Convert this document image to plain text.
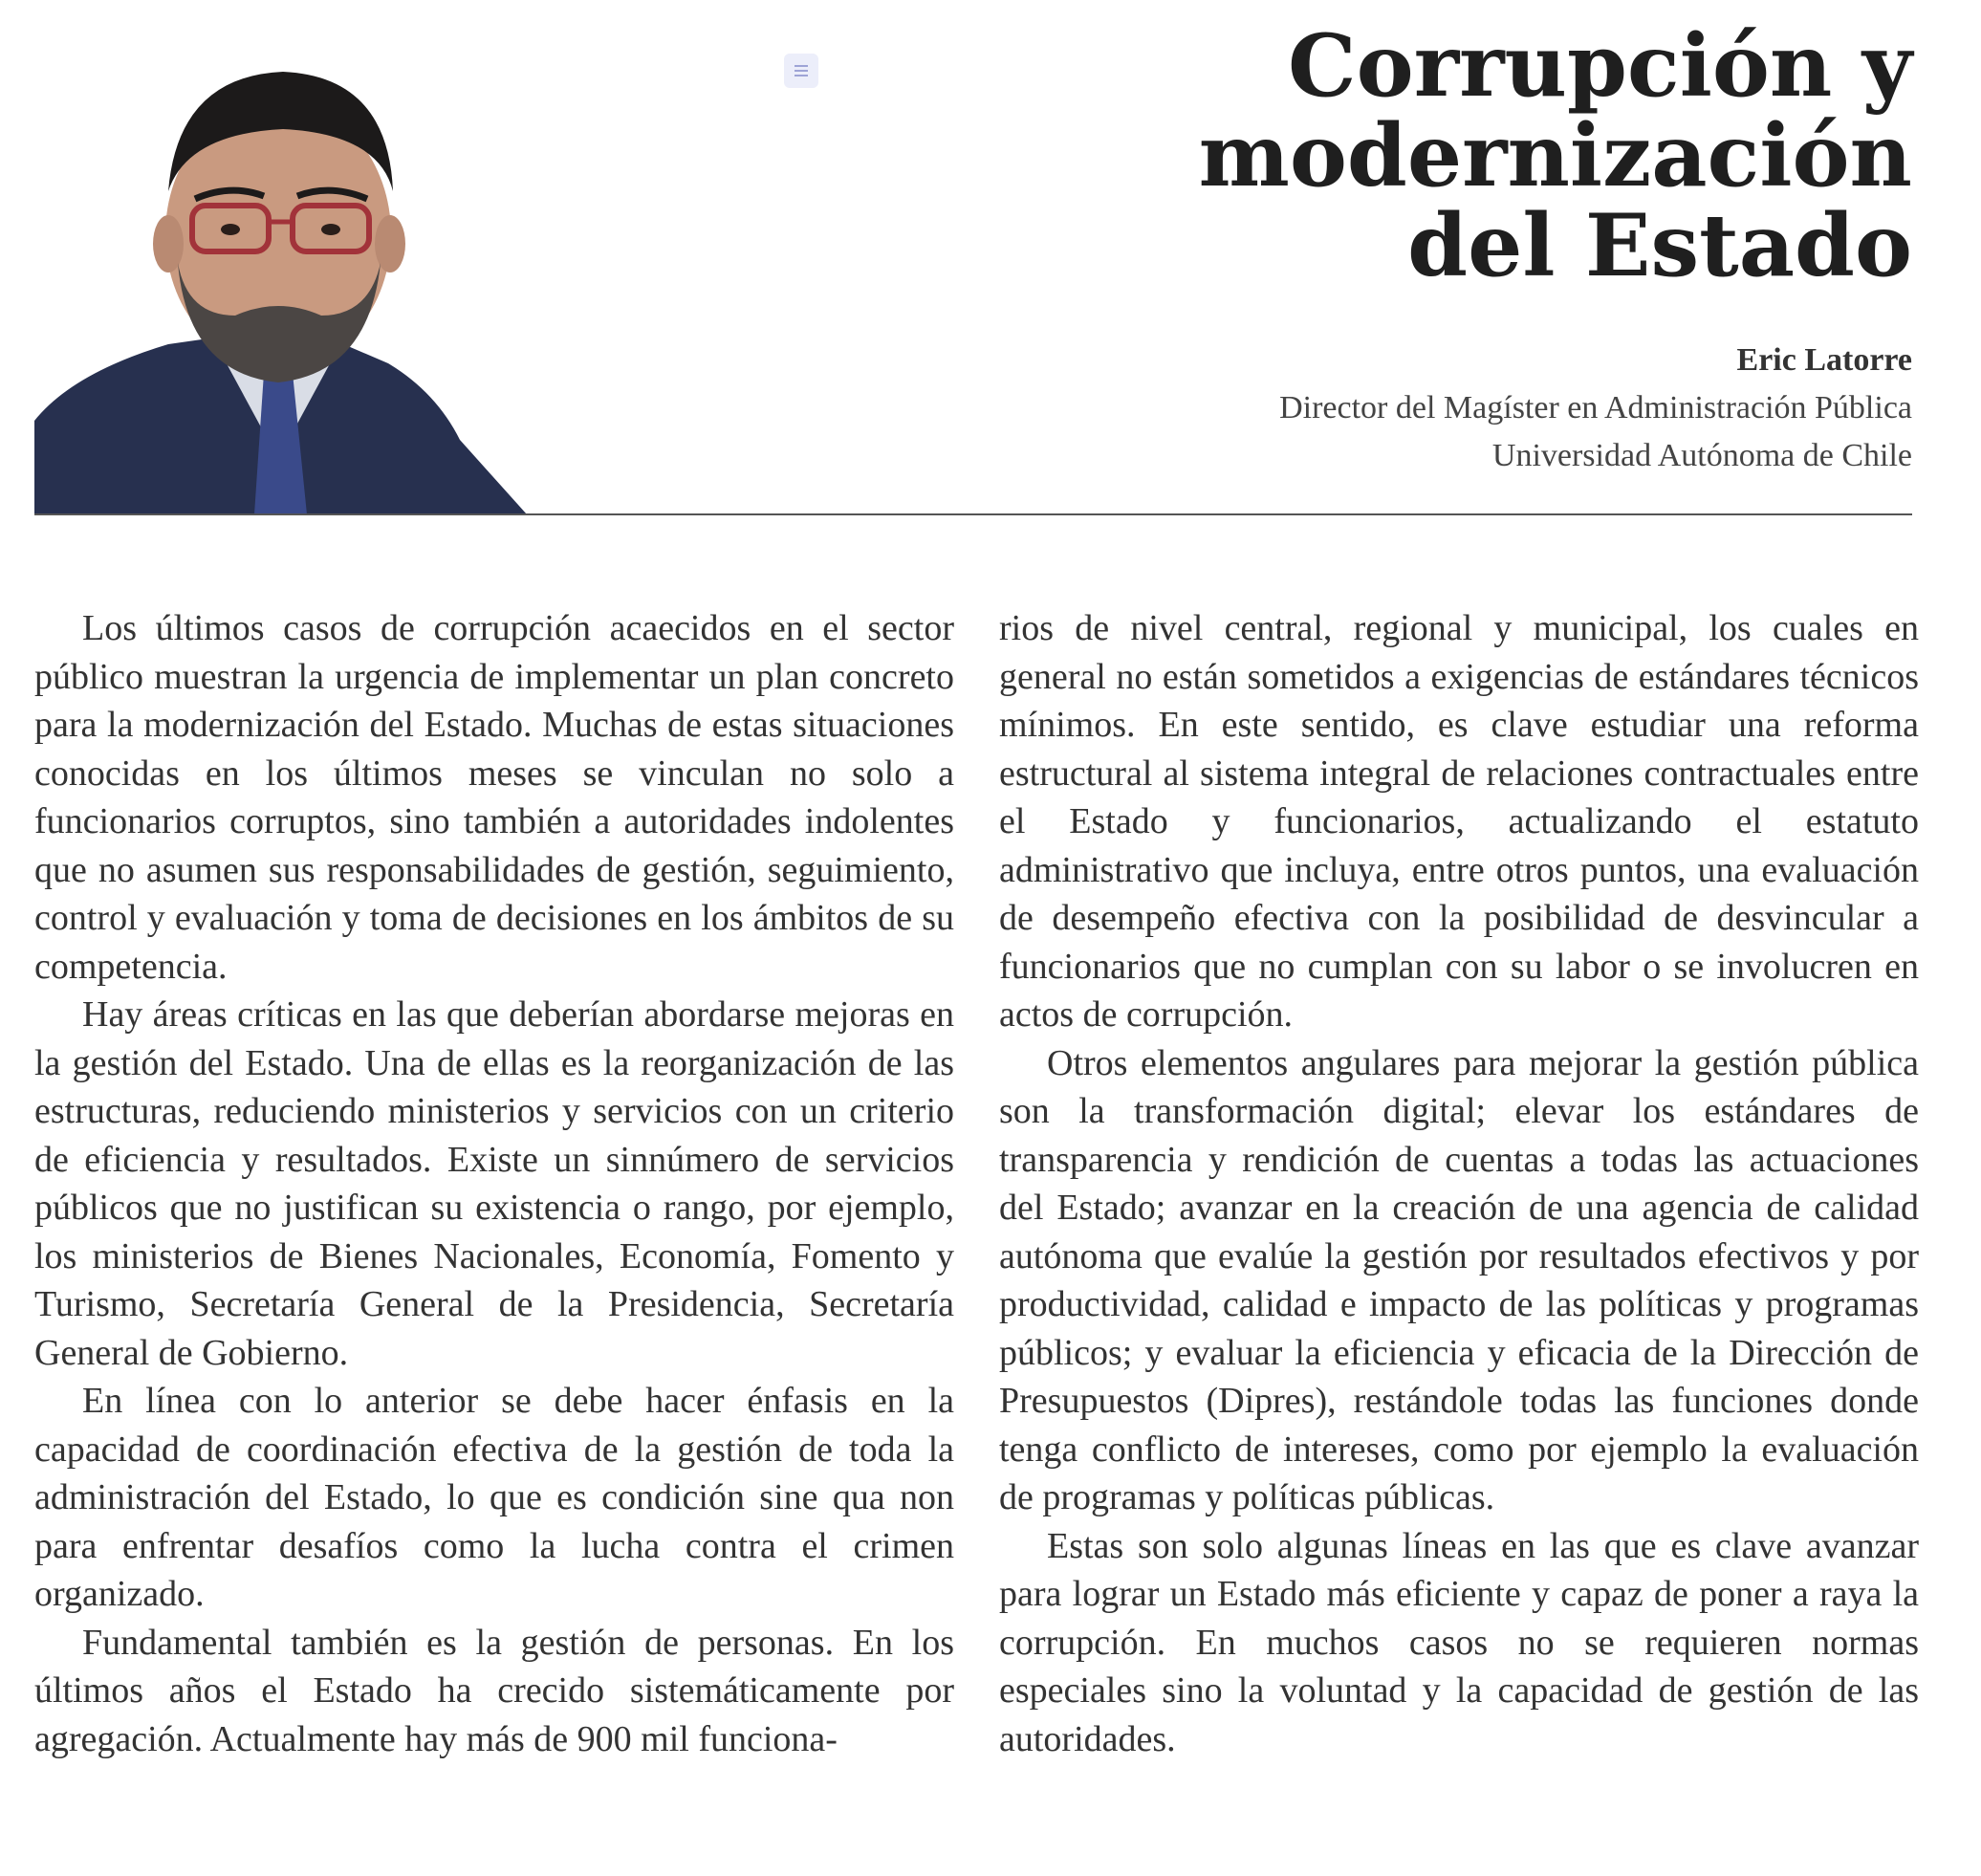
Corrupción y modernización
del Estado
Eric Latorre
Director del Magíster en Administración Pública
Universidad Autónoma de Chile

Los últimos casos de corrupción acaecidos en el sector público muestran la urgencia de implementar un plan concreto para la modernización del Estado. Muchas de estas situaciones conocidas en los últimos meses se vinculan no solo a funcionarios corruptos, sino también a autoridades indolentes que no asumen sus responsabilidades de gestión, seguimiento, control y evaluación y toma de decisiones en los ámbitos de su competencia.

Hay áreas críticas en las que deberían abordarse mejoras en la gestión del Estado. Una de ellas es la reorganización de las estructuras, reduciendo ministerios y servicios con un criterio de eficiencia y resultados. Existe un sinnúmero de servicios públicos que no justifican su existencia o rango, por ejemplo, los ministerios de Bienes Nacionales, Economía, Fomento y Turismo, Secretaría General de la Presidencia, Secretaría General de Gobierno.

En línea con lo anterior se debe hacer énfasis en la capacidad de coordinación efectiva de la gestión de toda la administración del Estado, lo que es condición sine qua non para enfrentar desafíos como la lucha contra el crimen organizado.

Fundamental también es la gestión de personas. En los últimos años el Estado ha crecido sistemáticamente por agregación. Actualmente hay más de 900 mil funciona-

rios de nivel central, regional y municipal, los cuales en general no están sometidos a exigencias de estándares técnicos mínimos. En este sentido, es clave estudiar una reforma estructural al sistema integral de relaciones contractuales entre el Estado y funcionarios, actualizando el estatuto administrativo que incluya, entre otros puntos, una evaluación de desempeño efectiva con la posibilidad de desvincular a funcionarios que no cumplan con su labor o se involucren en actos de corrupción.

Otros elementos angulares para mejorar la gestión pública son la transformación digital; elevar los estándares de transparencia y rendición de cuentas a todas las actuaciones del Estado; avanzar en la creación de una agencia de calidad autónoma que evalúe la gestión por resultados efectivos y por productividad, calidad e impacto de las políticas y programas públicos; y evaluar la eficiencia y eficacia de la Dirección de Presupuestos (Dipres), restándole todas las funciones donde tenga conflicto de intereses, como por ejemplo la evaluación de programas y políticas públicas.

Estas son solo algunas líneas en las que es clave avanzar para lograr un Estado más eficiente y capaz de poner a raya la corrupción. En muchos casos no se requieren normas especiales sino la voluntad y la capacidad de gestión de las autoridades.
